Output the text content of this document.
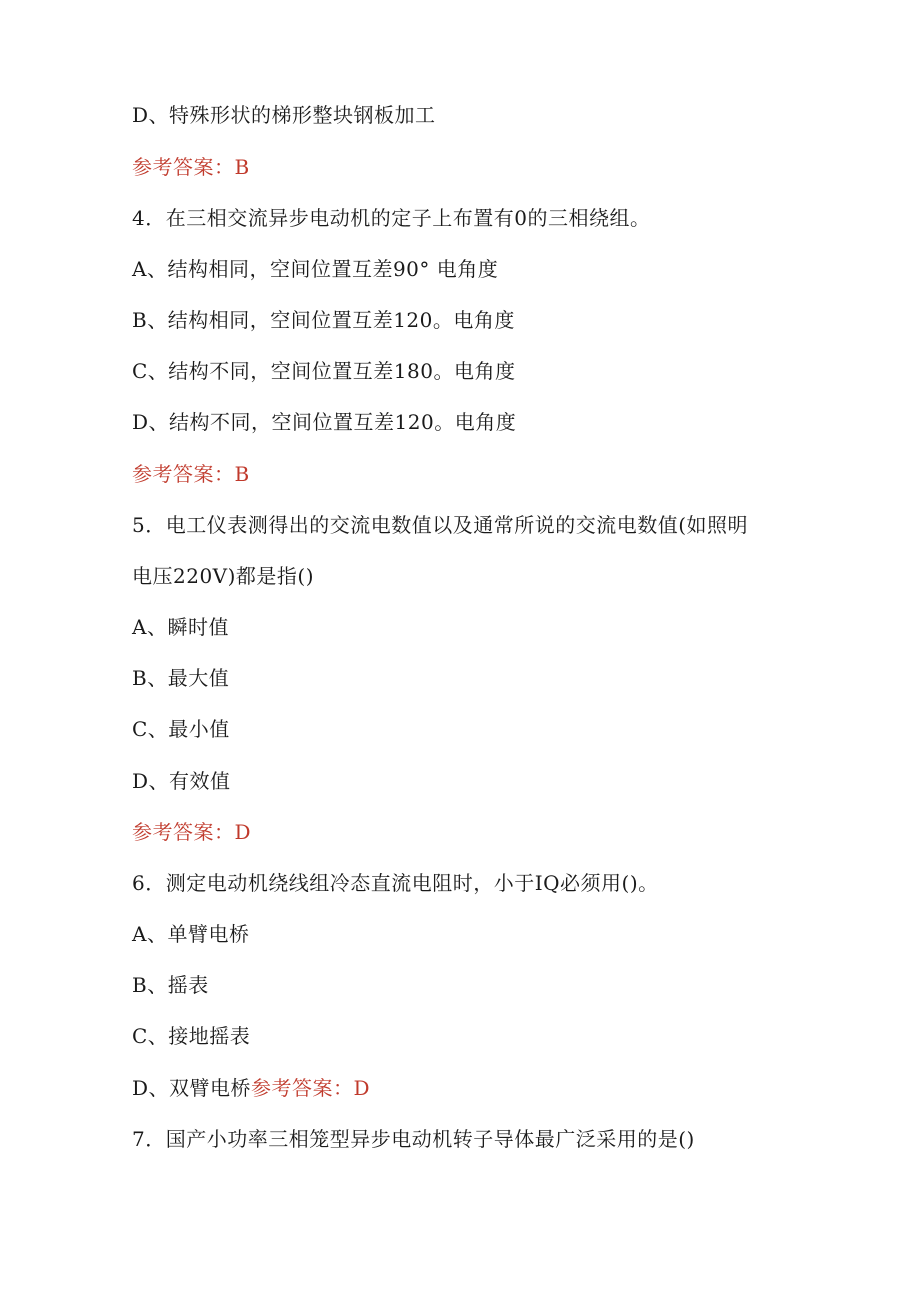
D、特殊形状的梯形整块钢板加工
参考答案：B
4．在三相交流异步电动机的定子上布置有0的三相绕组。
A、结构相同，空间位置互差90° 电角度
B、结构相同，空间位置互差120。电角度
C、结构不同，空间位置互差180。电角度
D、结构不同，空间位置互差120。电角度
参考答案：B
5．电工仪表测得出的交流电数值以及通常所说的交流电数值(如照明
电压220V)都是指()
A、瞬时值
B、最大值
C、最小值
D、有效值
参考答案：D
6．测定电动机绕线组冷态直流电阻时，小于IQ必须用()。
A、单臂电桥
B、摇表
C、接地摇表
D、双臂电桥参考答案：D
7．国产小功率三相笼型异步电动机转子导体最广泛采用的是()
